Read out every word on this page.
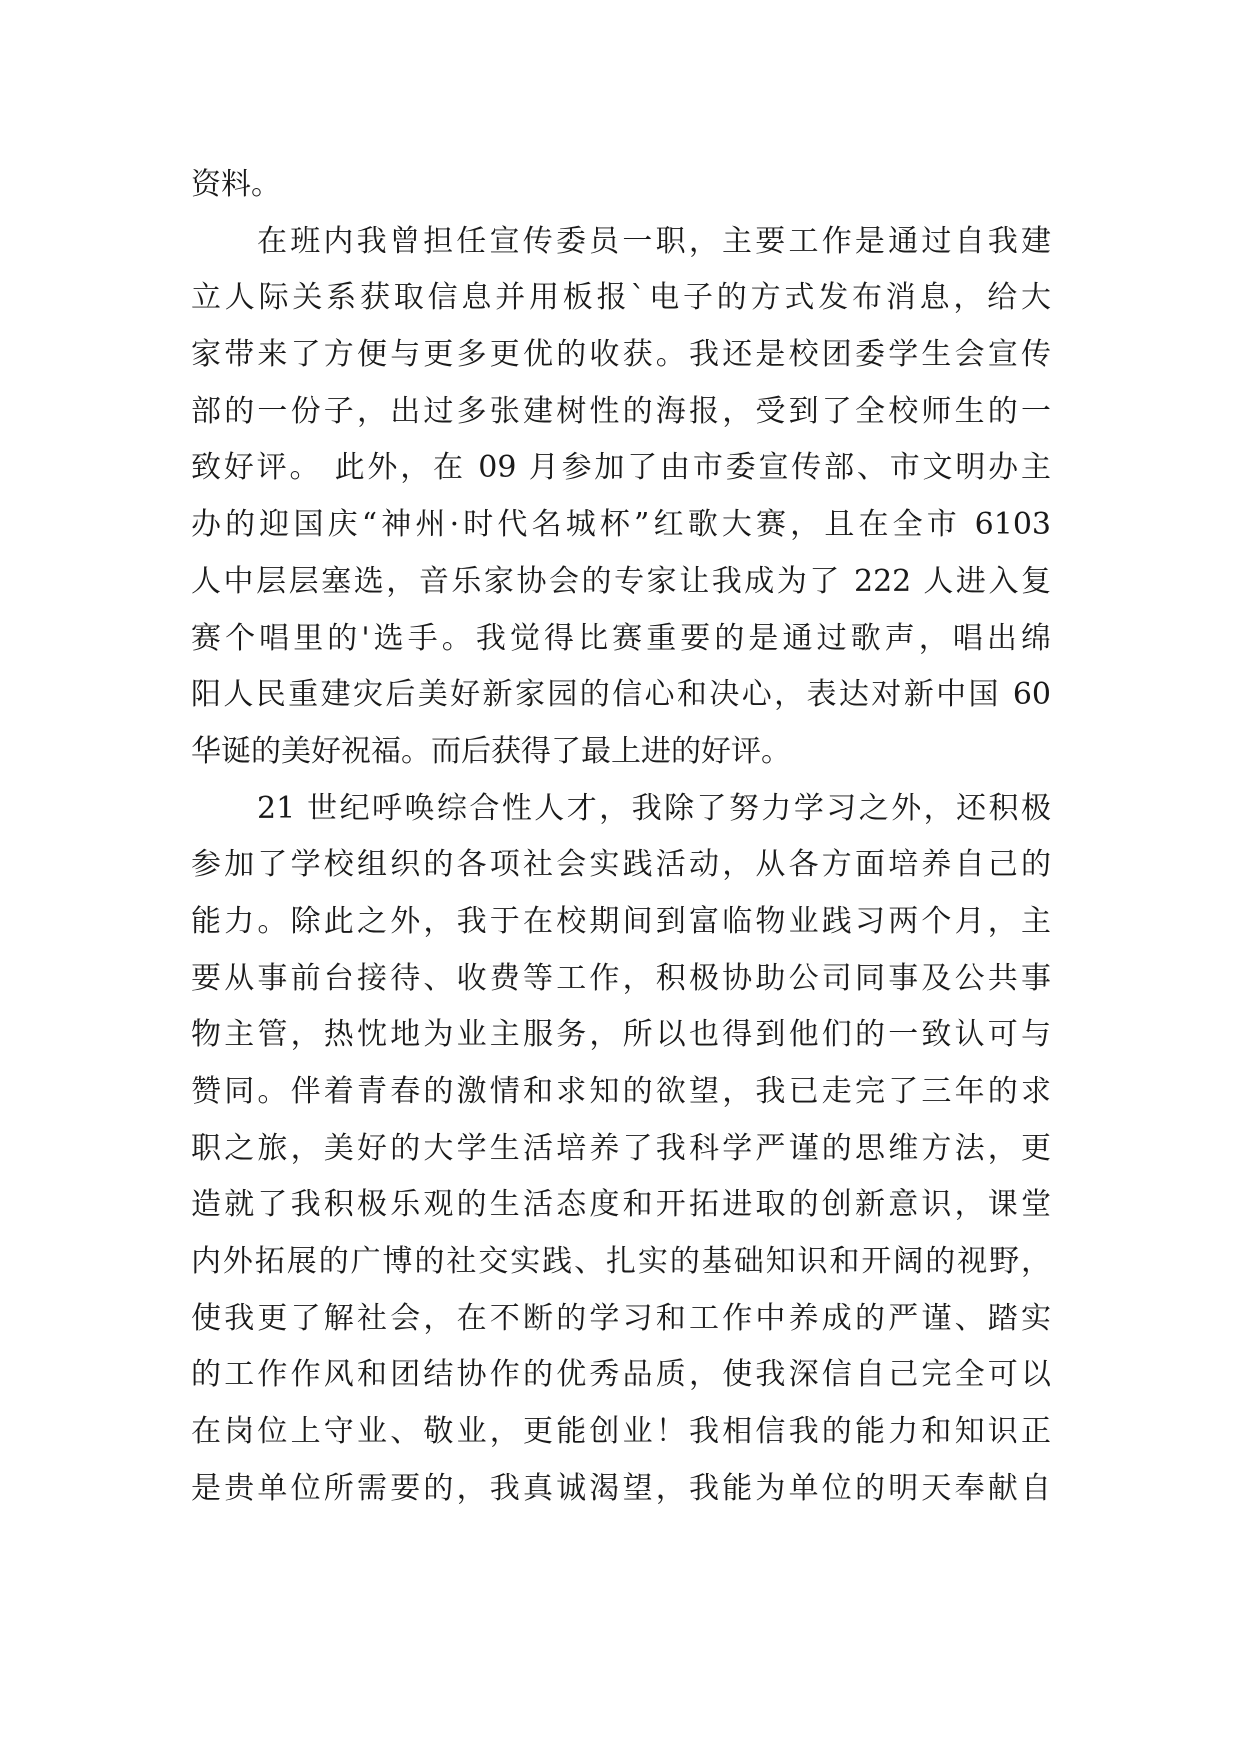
资料。
在班内我曾担任宣传委员一职，主要工作是通过自我建
立人际关系获取信息并用板报`电子的方式发布消息，给大
家带来了方便与更多更优的收获。我还是校团委学生会宣传
部的一份子，出过多张建树性的海报，受到了全校师生的一
致好评。 此外，在 09 月参加了由市委宣传部、市文明办主
办的迎国庆“神州·时代名城杯”红歌大赛，且在全市 6103
人中层层塞选，音乐家协会的专家让我成为了 222 人进入复
赛个唱里的'选手。我觉得比赛重要的是通过歌声，唱出绵
阳人民重建灾后美好新家园的信心和决心，表达对新中国 60
华诞的美好祝福。而后获得了最上进的好评。
21 世纪呼唤综合性人才，我除了努力学习之外，还积极
参加了学校组织的各项社会实践活动，从各方面培养自己的
能力。除此之外，我于在校期间到富临物业践习两个月，主
要从事前台接待、收费等工作，积极协助公司同事及公共事
物主管，热忱地为业主服务，所以也得到他们的一致认可与
赞同。伴着青春的激情和求知的欲望，我已走完了三年的求
职之旅，美好的大学生活培养了我科学严谨的思维方法，更
造就了我积极乐观的生活态度和开拓进取的创新意识，课堂
内外拓展的广博的社交实践、扎实的基础知识和开阔的视野，
使我更了解社会，在不断的学习和工作中养成的严谨、踏实
的工作作风和团结协作的优秀品质，使我深信自己完全可以
在岗位上守业、敬业，更能创业！我相信我的能力和知识正
是贵单位所需要的，我真诚渴望，我能为单位的明天奉献自
